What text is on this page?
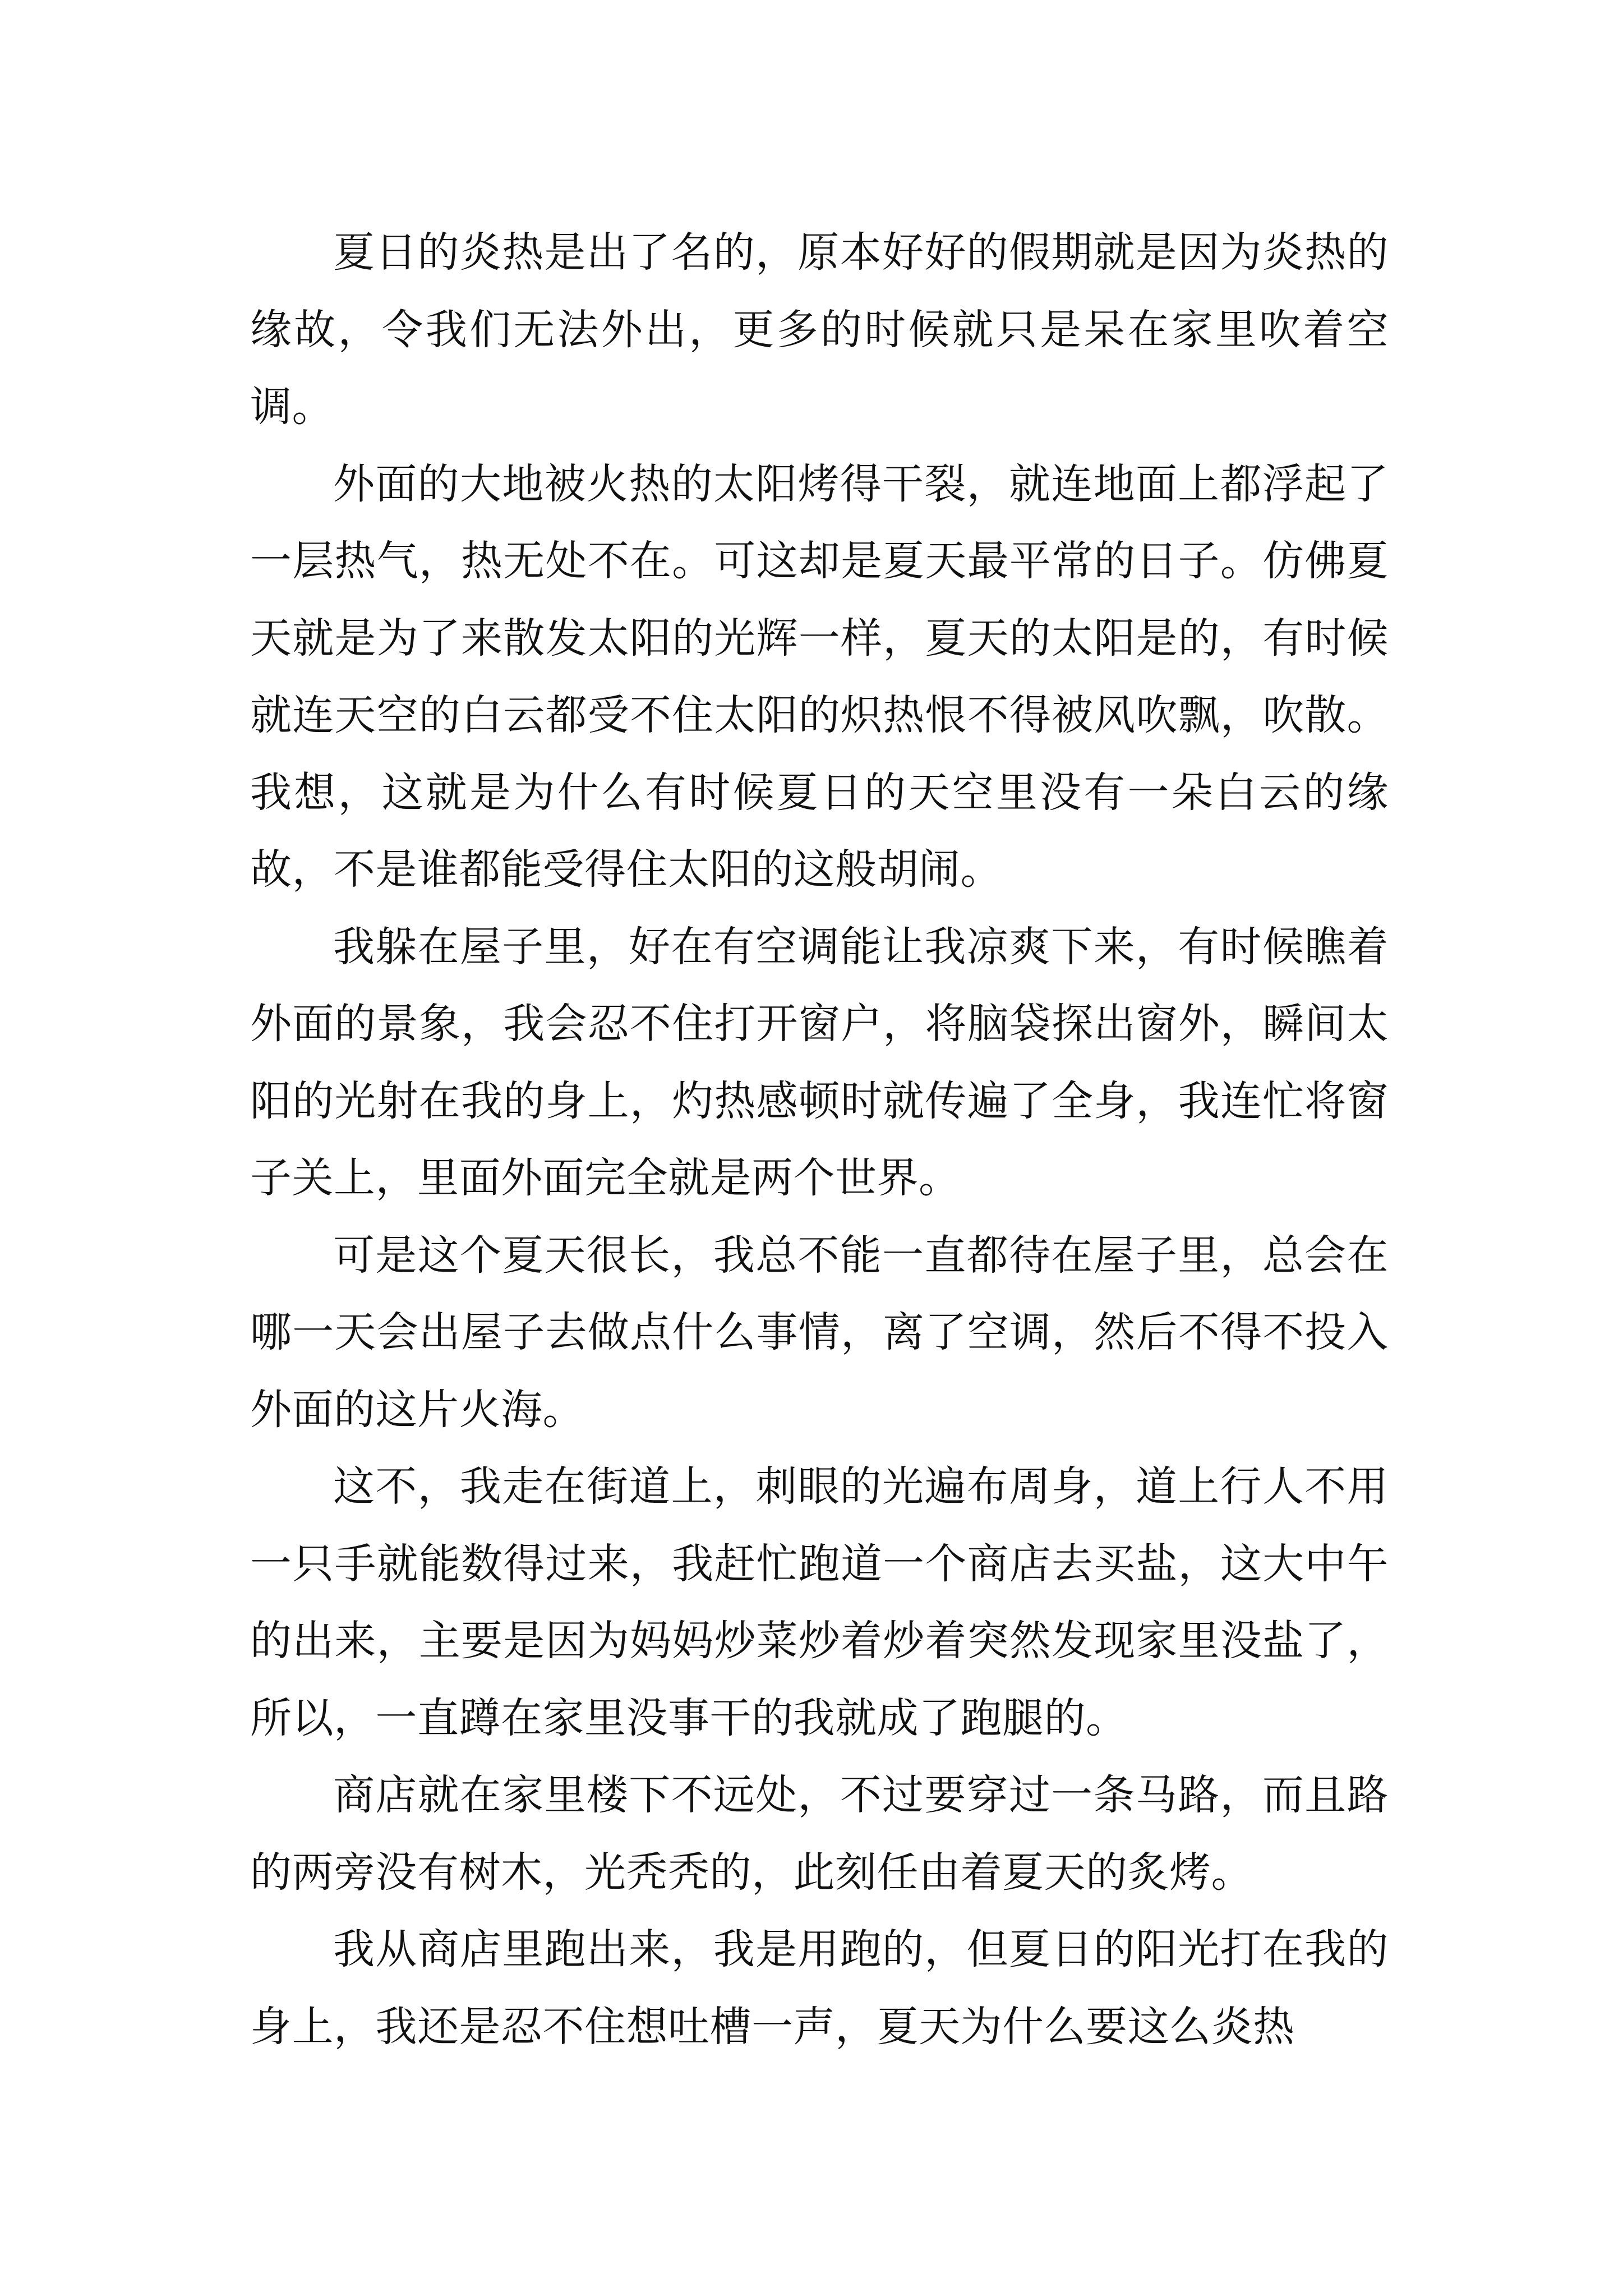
夏日的炎热是出了名的，原本好好的假期就是因为炎热的缘故，令我们无法外出，更多的时候就只是呆在家里吹着空调。

外面的大地被火热的太阳烤得干裂，就连地面上都浮起了一层热气，热无处不在。可这却是夏天最平常的日子。仿佛夏天就是为了来散发太阳的光辉一样，夏天的太阳是的，有时候就连天空的白云都受不住太阳的炽热恨不得被风吹飘，吹散。我想，这就是为什么有时候夏日的天空里没有一朵白云的缘故，不是谁都能受得住太阳的这般胡闹。

我躲在屋子里，好在有空调能让我凉爽下来，有时候瞧着外面的景象，我会忍不住打开窗户，将脑袋探出窗外，瞬间太阳的光射在我的身上，灼热感顿时就传遍了全身，我连忙将窗子关上，里面外面完全就是两个世界。

可是这个夏天很长，我总不能一直都待在屋子里，总会在哪一天会出屋子去做点什么事情，离了空调，然后不得不投入外面的这片火海。

这不，我走在街道上，刺眼的光遍布周身，道上行人不用一只手就能数得过来，我赶忙跑道一个商店去买盐，这大中午的出来，主要是因为妈妈炒菜炒着炒着突然发现家里没盐了，所以，一直蹲在家里没事干的我就成了跑腿的。

商店就在家里楼下不远处，不过要穿过一条马路，而且路的两旁没有树木，光秃秃的，此刻任由着夏天的炙烤。

我从商店里跑出来，我是用跑的，但夏日的阳光打在我的身上，我还是忍不住想吐槽一声，夏天为什么要这么炎热
